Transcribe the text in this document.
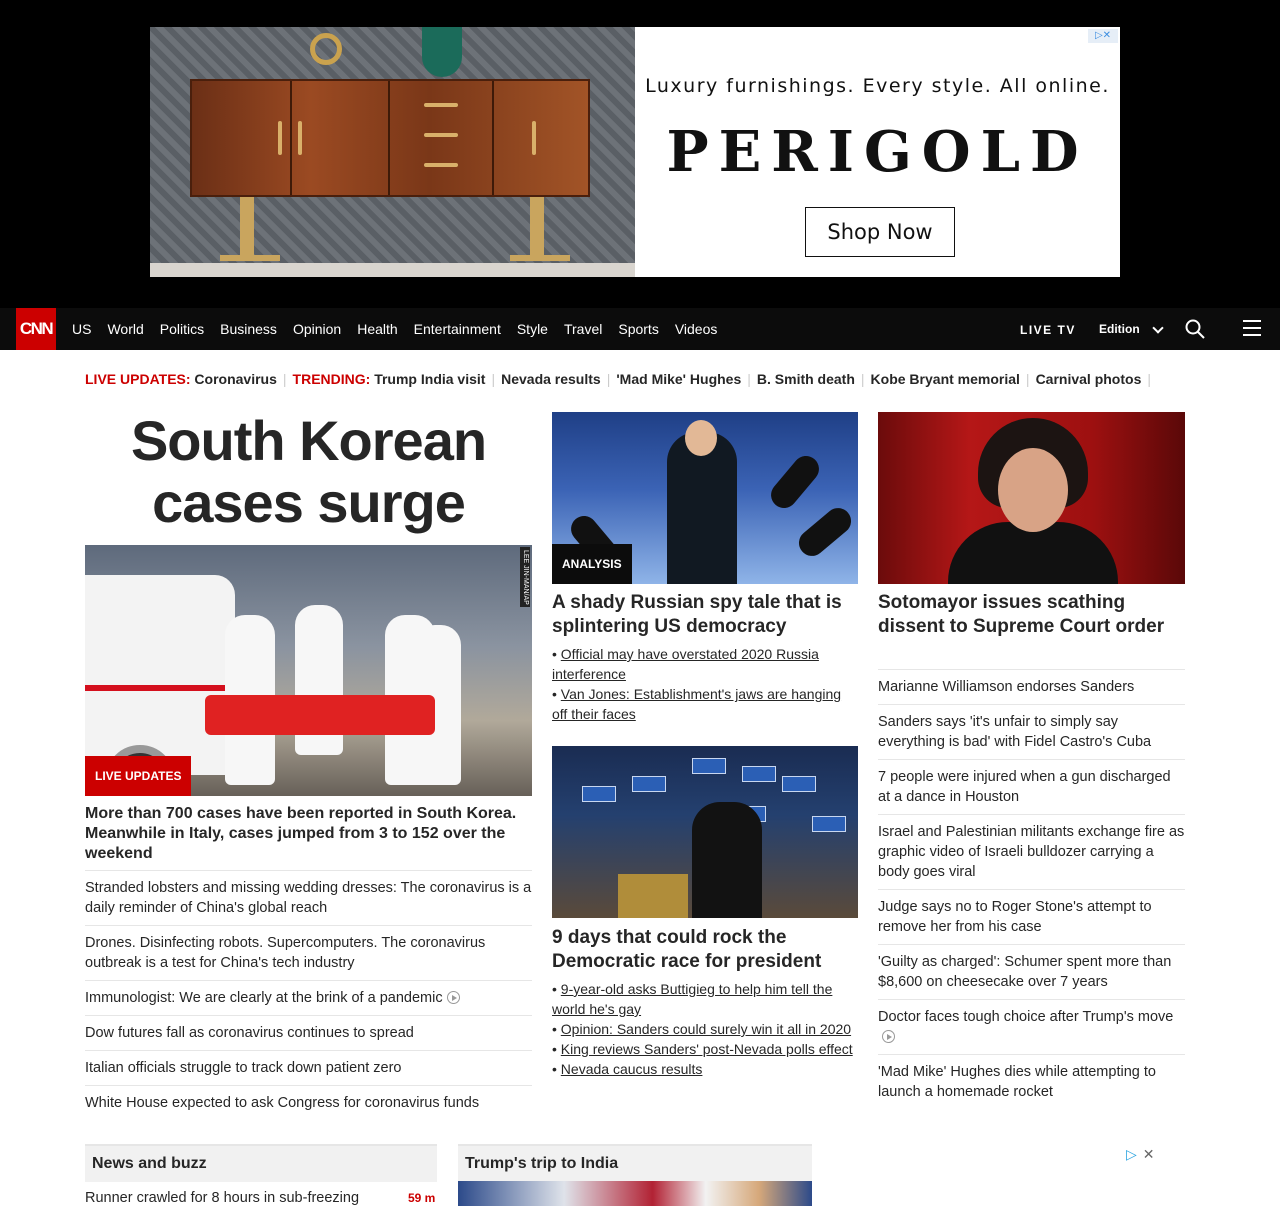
▷✕
Luxury furnishings. Every style. All online.
PERIGOLD
Shop Now
CNN US World Politics Business Opinion Health Entertainment Style Travel Sports Videos	LIVE TV Edition
LIVE UPDATES: Coronavirus | TRENDING: Trump India visit | Nevada results | 'Mad Mike' Hughes | B. Smith death | Kobe Bryant memorial | Carnival photos |
South Korean
cases surge
LEE JIN-MAN/AP
LIVE UPDATES
More than 700 cases have been reported in South Korea. Meanwhile in Italy, cases jumped from 3 to 152 over the weekend
Stranded lobsters and missing wedding dresses: The coronavirus is a daily reminder of China's global reach
Drones. Disinfecting robots. Supercomputers. The coronavirus outbreak is a test for China's tech industry
Immunologist: We are clearly at the brink of a pandemic
Dow futures fall as coronavirus continues to spread
Italian officials struggle to track down patient zero
White House expected to ask Congress for coronavirus funds
ANALYSIS
A shady Russian spy tale that is splintering US democracy
• Official may have overstated 2020 Russia interference
• Van Jones: Establishment's jaws are hanging off their faces
9 days that could rock the Democratic race for president
• 9-year-old asks Buttigieg to help him tell the world he's gay
• Opinion: Sanders could surely win it all in 2020
• King reviews Sanders' post-Nevada polls effect
• Nevada caucus results
Sotomayor issues scathing dissent to Supreme Court order
Marianne Williamson endorses Sanders
Sanders says 'it's unfair to simply say everything is bad' with Fidel Castro's Cuba
7 people were injured when a gun discharged at a dance in Houston
Israel and Palestinian militants exchange fire as graphic video of Israeli bulldozer carrying a body goes viral
Judge says no to Roger Stone's attempt to remove her from his case
'Guilty as charged': Schumer spent more than $8,600 on cheesecake over 7 years
Doctor faces tough choice after Trump's move
'Mad Mike' Hughes dies while attempting to launch a homemade rocket
News and buzz
Runner crawled for 8 hours in sub-freezing	59 m
Trump's trip to India
▷ ✕
